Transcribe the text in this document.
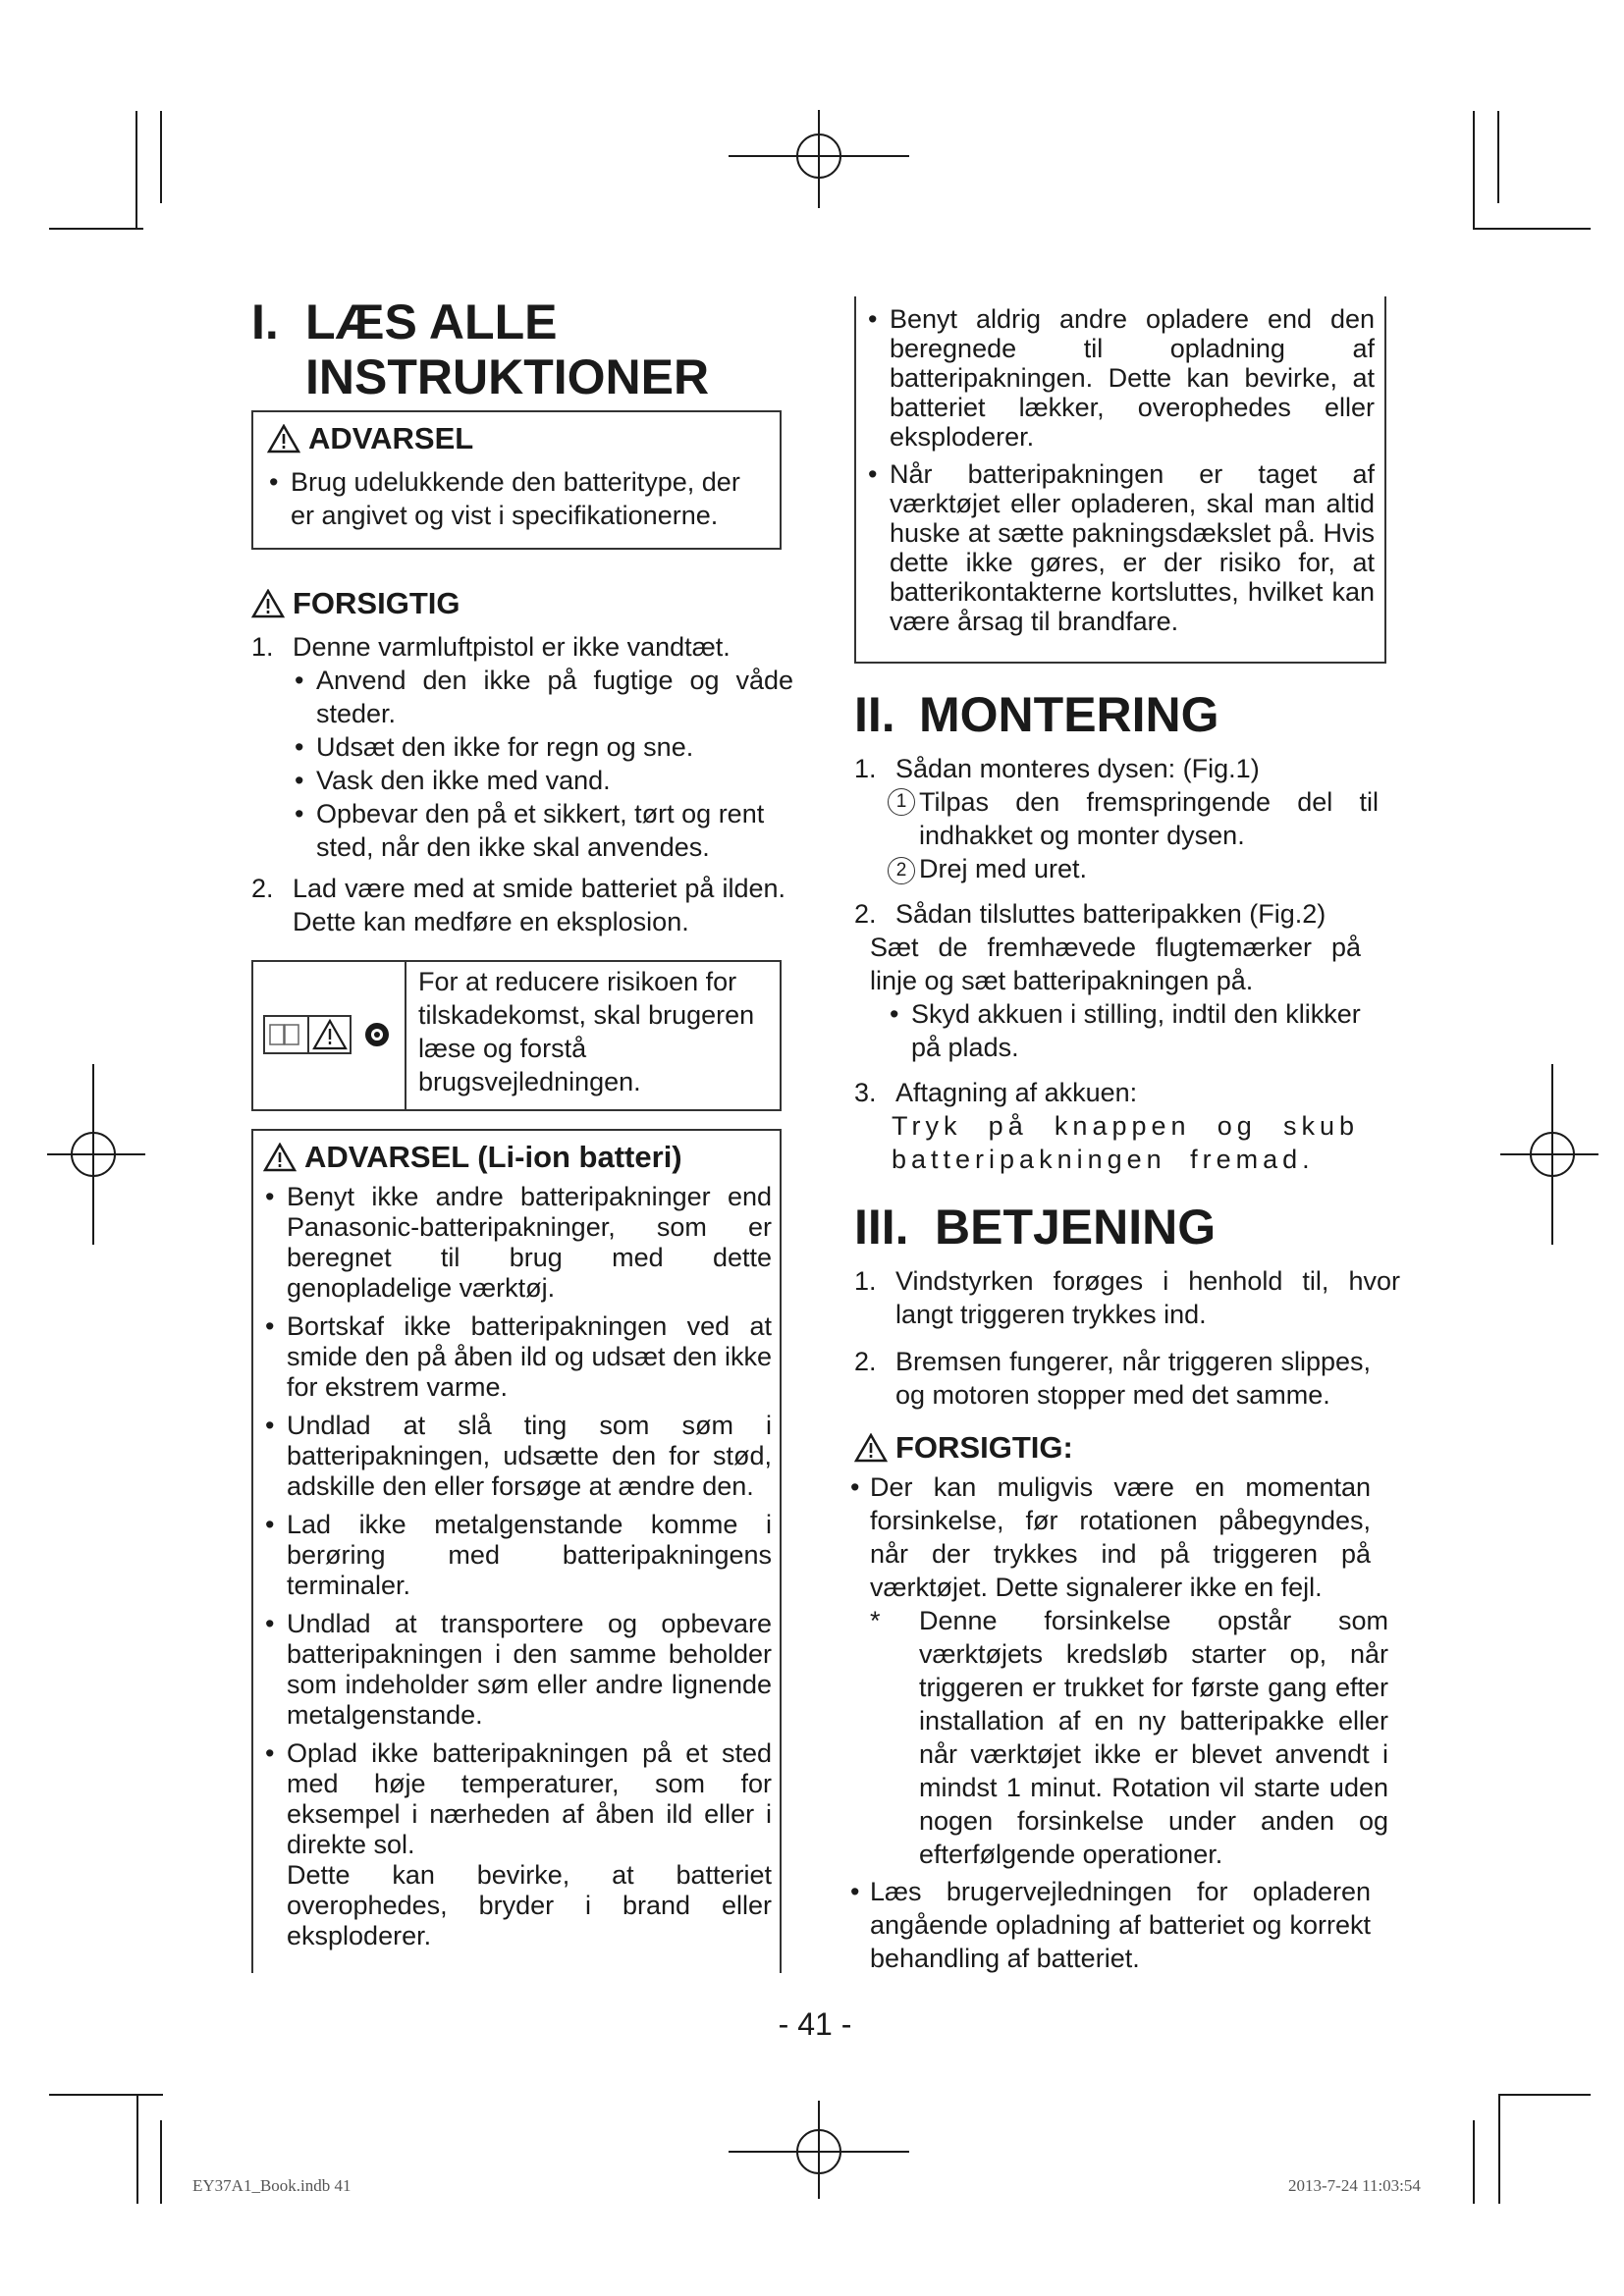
I. LÆS ALLE
INSTRUKTIONER
ADVARSEL
• Brug udelukkende den batteritype, der er angivet og vist i specifikationerne.
FORSIGTIG
1. Denne varmluftpistol er ikke vandtæt.
• Anvend den ikke på fugtige og våde steder.
• Udsæt den ikke for regn og sne.
• Vask den ikke med vand.
• Opbevar den på et sikkert, tørt og rent sted, når den ikke skal anvendes.
2. Lad være med at smide batteriet på ilden. Dette kan medføre en eksplosion.
For at reducere risikoen for tilskadekomst, skal brugeren læse og forstå brugsvejledningen.
ADVARSEL (Li-ion batteri)
• Benyt ikke andre batteripakninger end Panasonic-batteripakninger, som er beregnet til brug med dette genopladelige værktøj.
• Bortskaf ikke batteripakningen ved at smide den på åben ild og udsæt den ikke for ekstrem varme.
• Undlad at slå ting som søm i batteripakningen, udsætte den for stød, adskille den eller forsøge at ændre den.
• Lad ikke metalgenstande komme i berøring med batteripakningens terminaler.
• Undlad at transportere og opbevare batteripakningen i den samme beholder som indeholder søm eller andre lignende metalgenstande.
• Oplad ikke batteripakningen på et sted med høje temperaturer, som for eksempel i nærheden af åben ild eller i direkte sol.
Dette kan bevirke, at batteriet overophedes, bryder i brand eller eksploderer.
• Benyt aldrig andre opladere end den beregnede til opladning af batteripakningen. Dette kan bevirke, at batteriet lækker, overophedes eller eksploderer.
• Når batteripakningen er taget af værktøjet eller opladeren, skal man altid huske at sætte pakningsdækslet på. Hvis dette ikke gøres, er der risiko for, at batterikontakterne kortsluttes, hvilket kan være årsag til brandfare.
II. MONTERING
1. Sådan monteres dysen: (Fig.1)
1 Tilpas den fremspringende del til indhakket og monter dysen.
2 Drej med uret.
2. Sådan tilsluttes batteripakken (Fig.2)
Sæt de fremhævede flugtemærker på linje og sæt batteripakningen på.
• Skyd akkuen i stilling, indtil den klikker på plads.
3. Aftagning af akkuen:
Tryk på knappen og skub batteripakningen fremad.
III. BETJENING
1. Vindstyrken forøges i henhold til, hvor langt triggeren trykkes ind.
2. Bremsen fungerer, når triggeren slippes, og motoren stopper med det samme.
FORSIGTIG:
• Der kan muligvis være en momentan forsinkelse, før rotationen påbegyndes, når der trykkes ind på triggeren på værktøjet. Dette signalerer ikke en fejl.
* Denne forsinkelse opstår som værktøjets kredsløb starter op, når triggeren er trukket for første gang efter installation af en ny batteripakke eller når værktøjet ikke er blevet anvendt i mindst 1 minut. Rotation vil starte uden nogen forsinkelse under anden og efterfølgende operationer.
• Læs brugervejledningen for opladeren angående opladning af batteriet og korrekt behandling af batteriet.
- 41 -
EY37A1_Book.indb 41	2013-7-24 11:03:54
